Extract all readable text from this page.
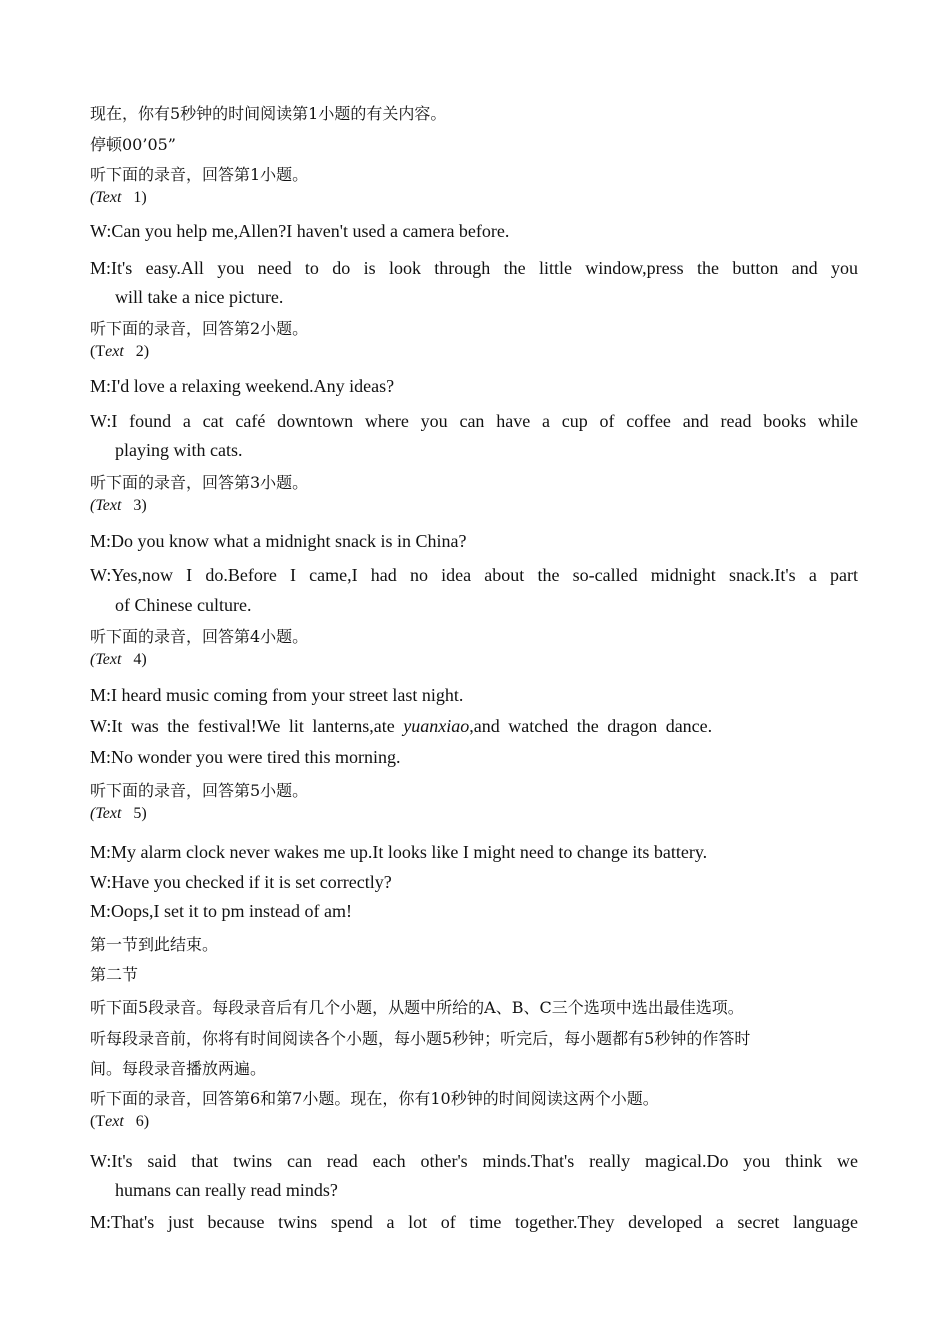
现在，你有5秒钟的时间阅读第1小题的有关内容。
停顿00’05”
听下面的录音，回答第1小题。
(Text 1)
W:Can you help me,Allen?I haven't used a camera before.
M:It's easy.All you need to do is look through the little window,press the button and you
will take a nice picture.
听下面的录音，回答第2小题。
(Text 2)
M:I'd love a relaxing weekend.Any ideas?
W:I found a cat café downtown where you can have a cup of coffee and read books while
playing with cats.
听下面的录音，回答第3小题。
(Text 3)
M:Do you know what a midnight snack is in China?
W:Yes,now I do.Before I came,I had no idea about the so-called midnight snack.It's a part
of Chinese culture.
听下面的录音，回答第4小题。
(Text 4)
M:I heard music coming from your street last night.
W:It was the festival!We lit lanterns,ate yuanxiao,and watched the dragon dance.
M:No wonder you were tired this morning.
听下面的录音，回答第5小题。
(Text 5)
M:My alarm clock never wakes me up.It looks like I might need to change its battery.
W:Have you checked if it is set correctly?
M:Oops,I set it to pm instead of am!
第一节到此结束。
第二节
听下面5段录音。每段录音后有几个小题，从题中所给的A、B、C三个选项中选出最佳选项。
听每段录音前，你将有时间阅读各个小题，每小题5秒钟；听完后，每小题都有5秒钟的作答时
间。每段录音播放两遍。
听下面的录音，回答第6和第7小题。现在，你有10秒钟的时间阅读这两个小题。
(Text 6)
W:It's said that twins can read each other's minds.That's really magical.Do you think we
humans can really read minds?
M:That's just because twins spend a lot of time together.They developed a secret language
